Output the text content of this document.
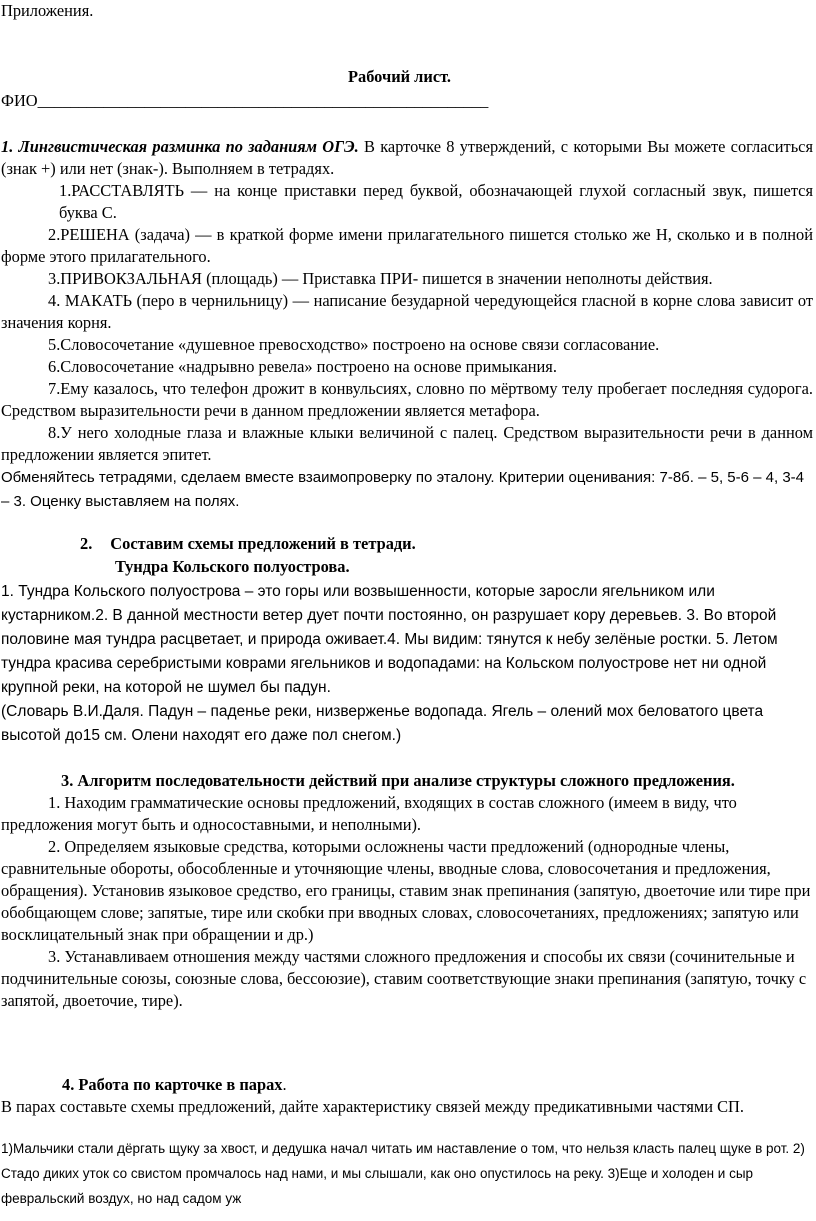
Приложения.
Рабочий лист.
ФИО_______________________________________________________

1. Лингвистическая разминка по заданиям ОГЭ. В карточке 8 утверждений, с которыми Вы можете согласиться (знак +) или нет (знак-). Выполняем в тетрадях.

1.РАССТАВЛЯТЬ — на конце приставки перед буквой, обозначающей глухой согласный звук, пишется буква С.

2.РЕШЕНА (задача) — в краткой форме имени прилагательного пишется столько же Н, сколько и в полной форме этого прилагательного.

3.ПРИВОКЗАЛЬНАЯ (площадь) — Приставка ПРИ- пишется в значении неполноты действия.

4. МАКАТЬ (перо в чернильницу) — написание безударной чередующейся гласной в корне слова зависит от значения корня.

5.Словосочетание «душевное превосходство» построено на основе связи согласование.

6.Словосочетание «надрывно ревела» построено на основе примыкания.

7.Ему казалось, что телефон дрожит в конвульсиях, словно по мёртвому телу пробегает последняя судорога. Средством выразительности речи в данном предложении является метафора.

8.У него холодные глаза и влажные клыки величиной с палец. Средством выразительности речи в данном предложении является эпитет.

Обменяйтесь тетрадями, сделаем вместе взаимопроверку по эталону. Критерии оценивания: 7-8б. – 5, 5-6 – 4, 3-4 – 3. Оценку выставляем на полях.

2. Составим схемы предложений в тетради.
Тундра Кольского полуострова.

1. Тундра Кольского полуострова – это горы или возвышенности, которые заросли ягельником или кустарником.2. В данной местности ветер дует почти постоянно, он разрушает кору деревьев. 3. Во второй половине мая тундра расцветает, и природа оживает.4. Мы видим: тянутся к небу зелёные ростки. 5. Летом тундра красива серебристыми коврами ягельников и водопадами: на Кольском полуострове нет ни одной крупной реки, на которой не шумел бы падун.

(Словарь В.И.Даля. Падун – паденье реки, низверженье водопада. Ягель – олений мох беловатого цвета высотой до15 см. Олени находят его даже пол снегом.)

3. Алгоритм последовательности действий при анализе структуры сложного предложения.

1. Находим грамматические основы предложений, входящих в состав сложного (имеем в виду, что предложения могут быть и односоставными, и неполными).

2. Определяем языковые средства, которыми осложнены части предложений (однородные члены, сравнительные обороты, обособленные и уточняющие члены, вводные слова, словосочетания и предложения, обращения). Установив языковое средство, его границы, ставим знак препинания (запятую, двоеточие или тире при обобщающем слове; запятые, тире или скобки при вводных словах, словосочетаниях, предложениях; запятую или восклицательный знак при обращении и др.)

3. Устанавливаем отношения между частями сложного предложения и способы их связи (сочинительные и подчинительные союзы, союзные слова, бессоюзие), ставим соответствующие знаки препинания (запятую, точку с запятой, двоеточие, тире).

4. Работа по карточке в парах.
В парах составьте схемы предложений, дайте характеристику связей между предикативными частями СП.
1)Мальчики стали дёргать щуку за хвост, и дедушка начал читать им наставление о том, что нельзя класть палец щуке в рот. 2) Стадо диких уток со свистом промчалось над нами, и мы слышали, как оно опустилось на реку. 3)Еще и холоден и сыр февральский воздух, но над садом уж
